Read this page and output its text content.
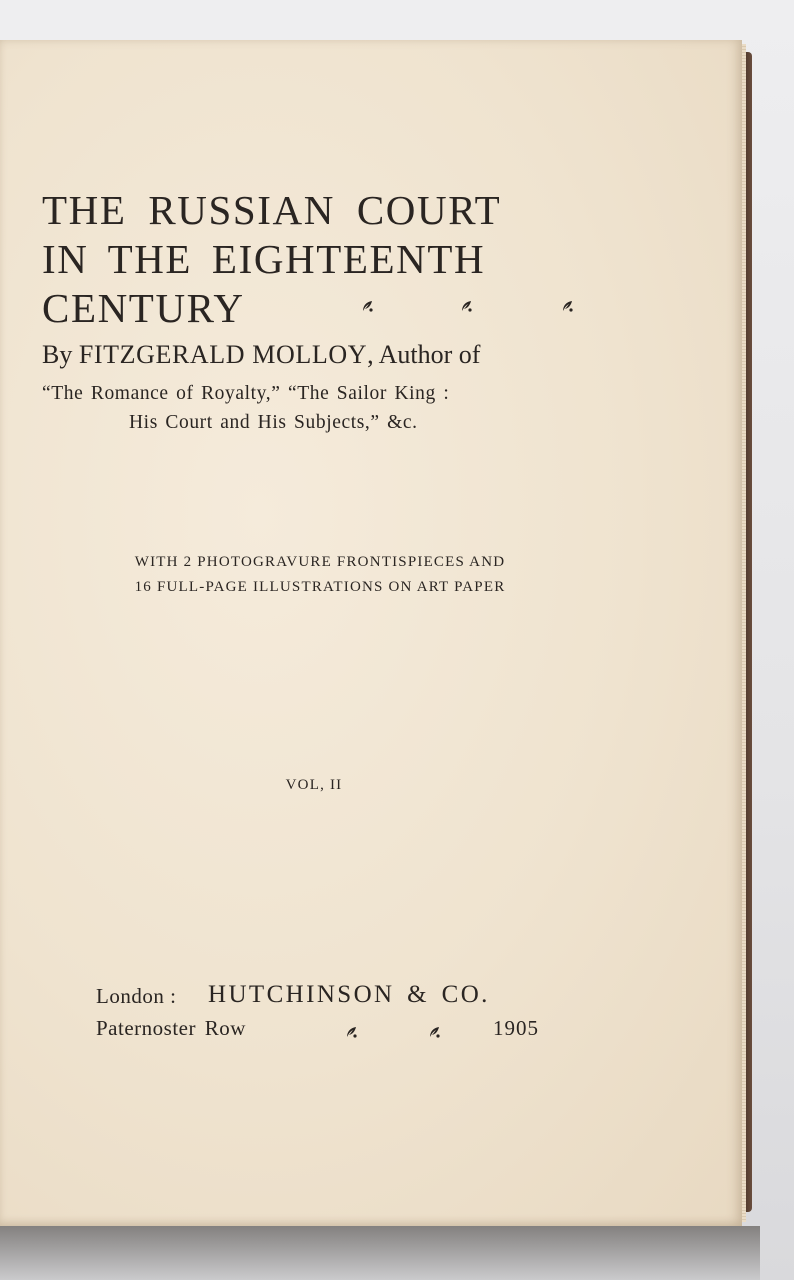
THE RUSSIAN COURT
IN THE EIGHTEENTH
CENTURY
By FITZGERALD MOLLOY, Author of
“The Romance of Royalty,” “The Sailor King :
His Court and His Subjects,” &c.
WITH 2 PHOTOGRAVURE FRONTISPIECES AND
16 FULL-PAGE ILLUSTRATIONS ON ART PAPER
VOL, II
London : HUTCHINSON & CO.
Paternoster Row	1905
